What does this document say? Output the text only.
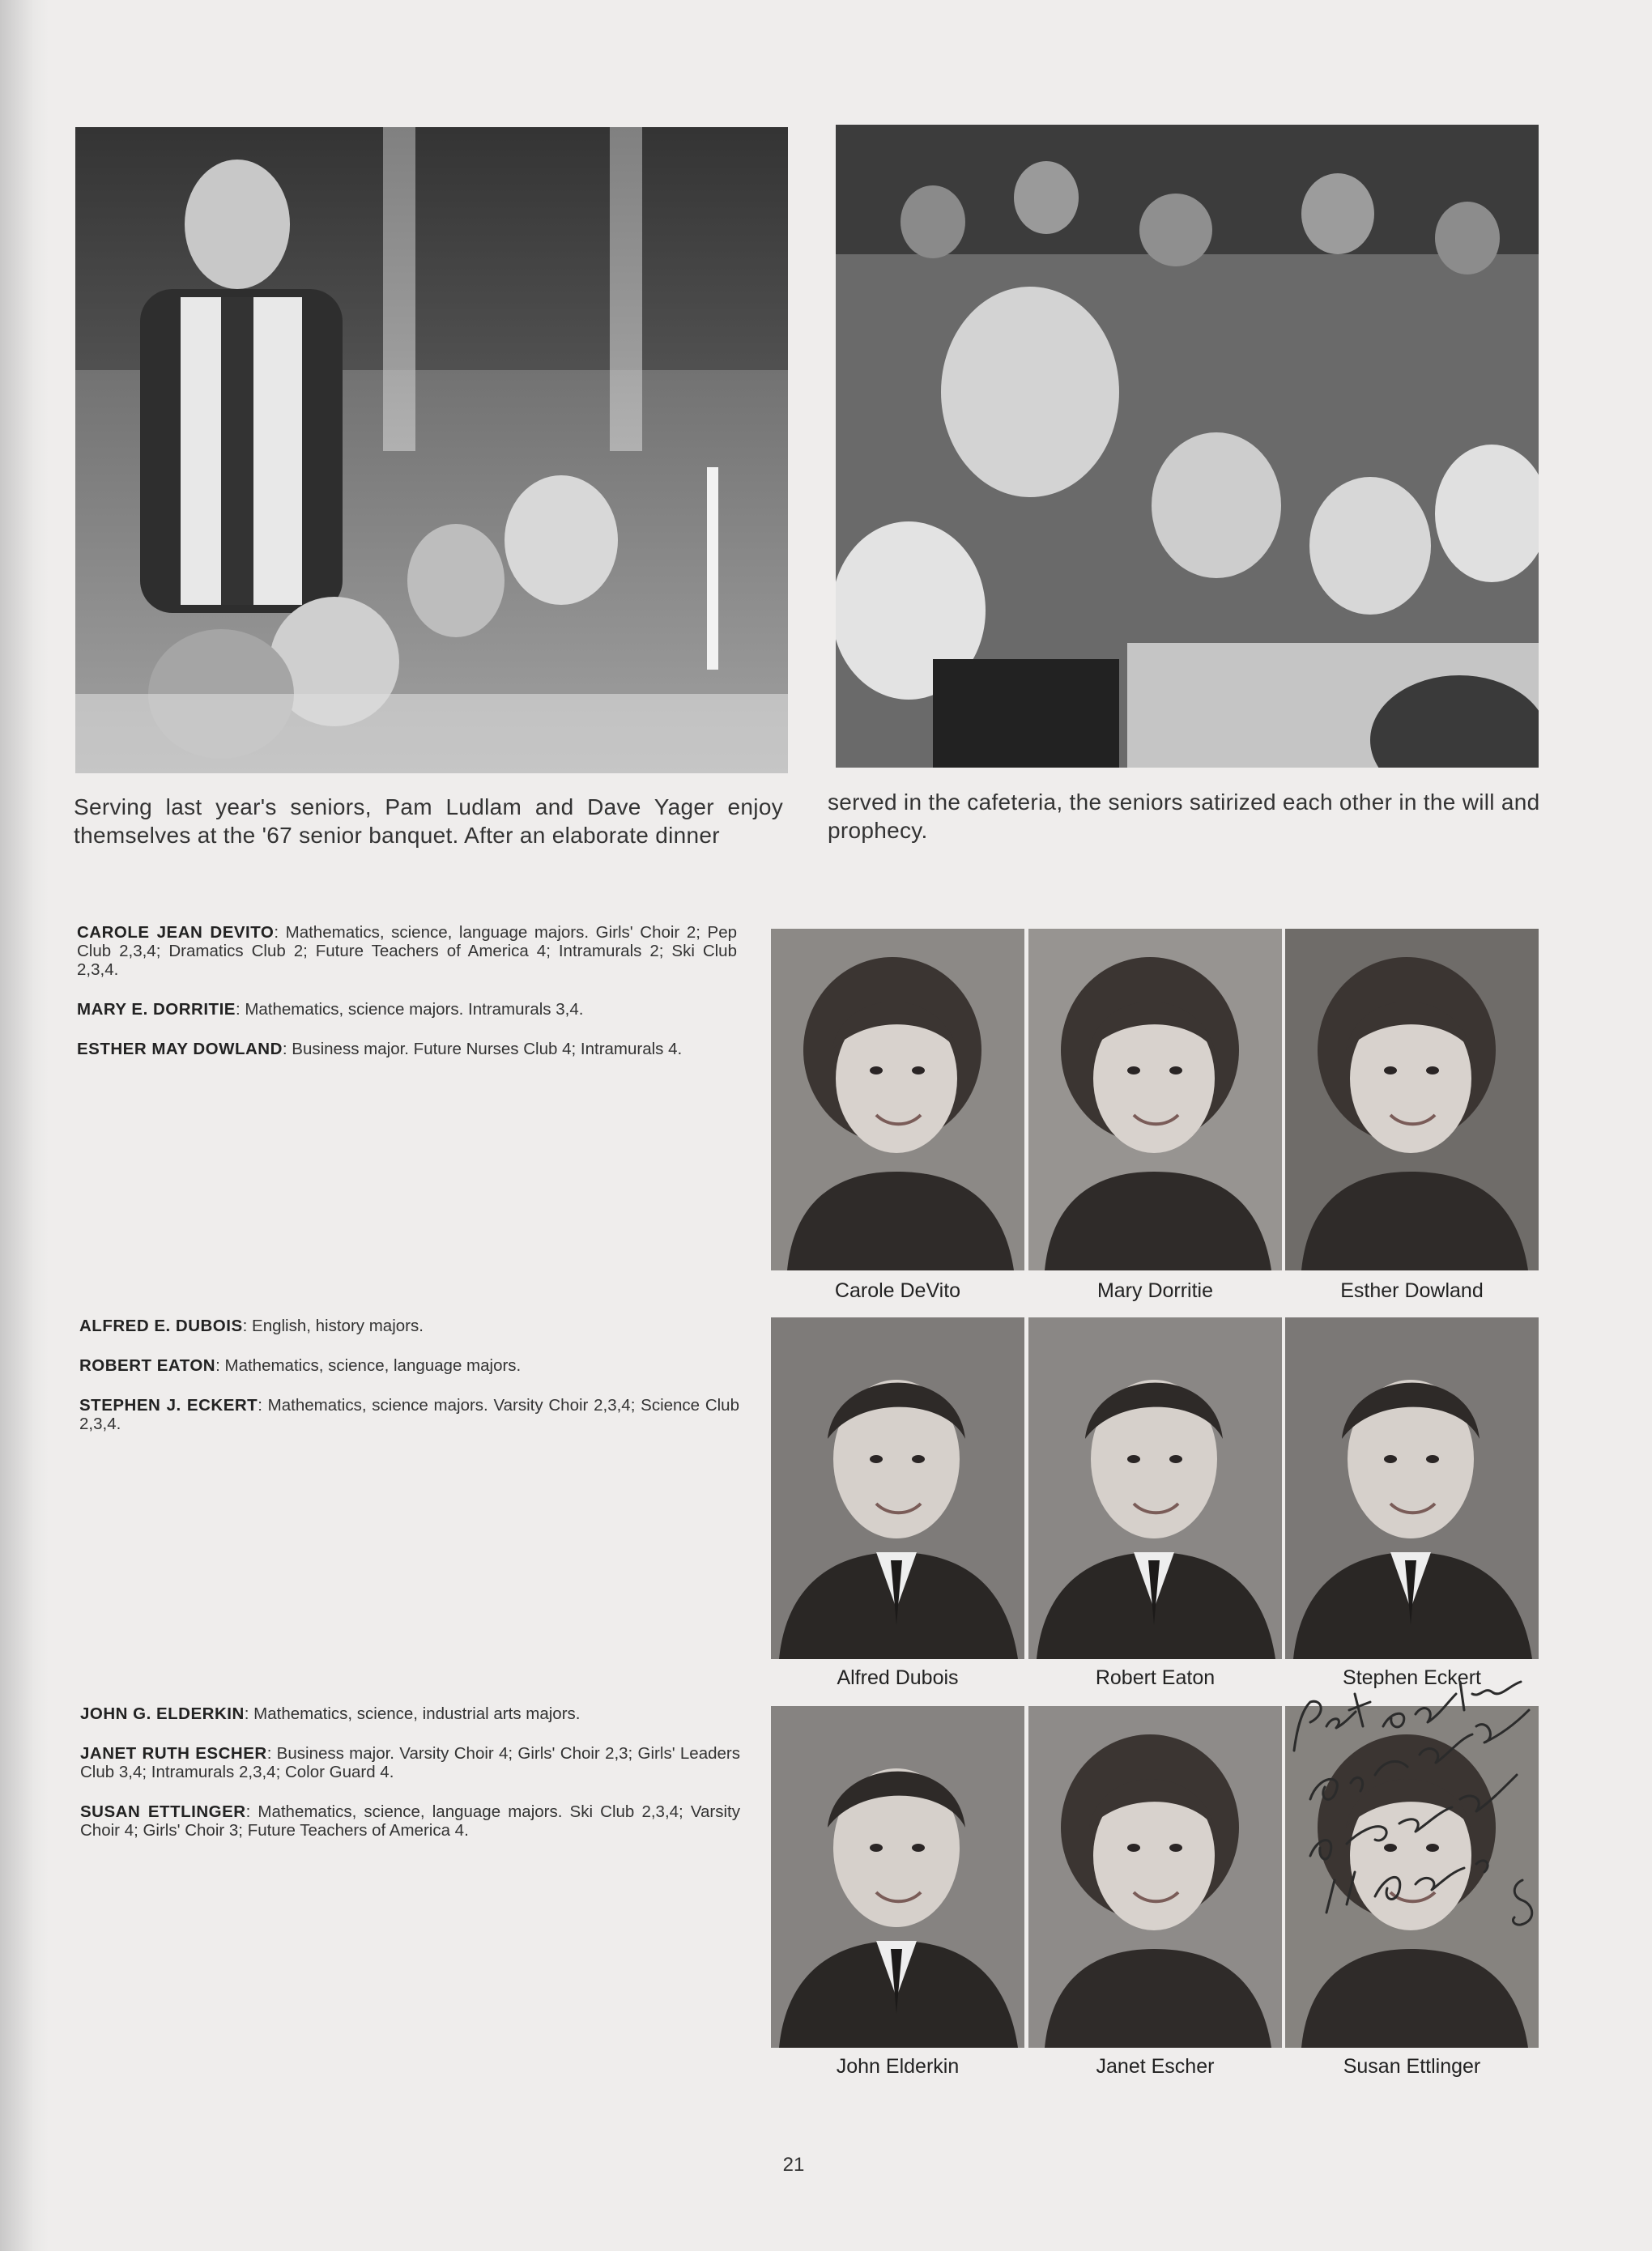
Serving last year's seniors, Pam Ludlam and Dave Yager enjoy themselves at the '67 senior banquet. After an elaborate dinner
served in the cafeteria, the seniors satirized each other in the will and prophecy.

CAROLE JEAN DEVITO: Mathematics, science, language majors. Girls' Choir 2; Pep Club 2,3,4; Dramatics Club 2; Future Teachers of America 4; Intramurals 2; Ski Club 2,3,4.

MARY E. DORRITIE: Mathematics, science majors. Intramurals 3,4.

ESTHER MAY DOWLAND: Business major. Future Nurses Club 4; Intramurals 4.

ALFRED E. DUBOIS: English, history majors.

ROBERT EATON: Mathematics, science, language majors.

STEPHEN J. ECKERT: Mathematics, science majors. Varsity Choir 2,3,4; Science Club 2,3,4.

JOHN G. ELDERKIN: Mathematics, science, industrial arts majors.

JANET RUTH ESCHER: Business major. Varsity Choir 4; Girls' Choir 2,3; Girls' Leaders Club 3,4; Intramurals 2,3,4; Color Guard 4.

SUSAN ETTLINGER: Mathematics, science, language majors. Ski Club 2,3,4; Varsity Choir 4; Girls' Choir 3; Future Teachers of America 4.

Carole DeVito	Mary Dorritie	Esther Dowland
Alfred Dubois	Robert Eaton	Stephen Eckert
John Elderkin	Janet Escher	Susan Ettlinger
21
